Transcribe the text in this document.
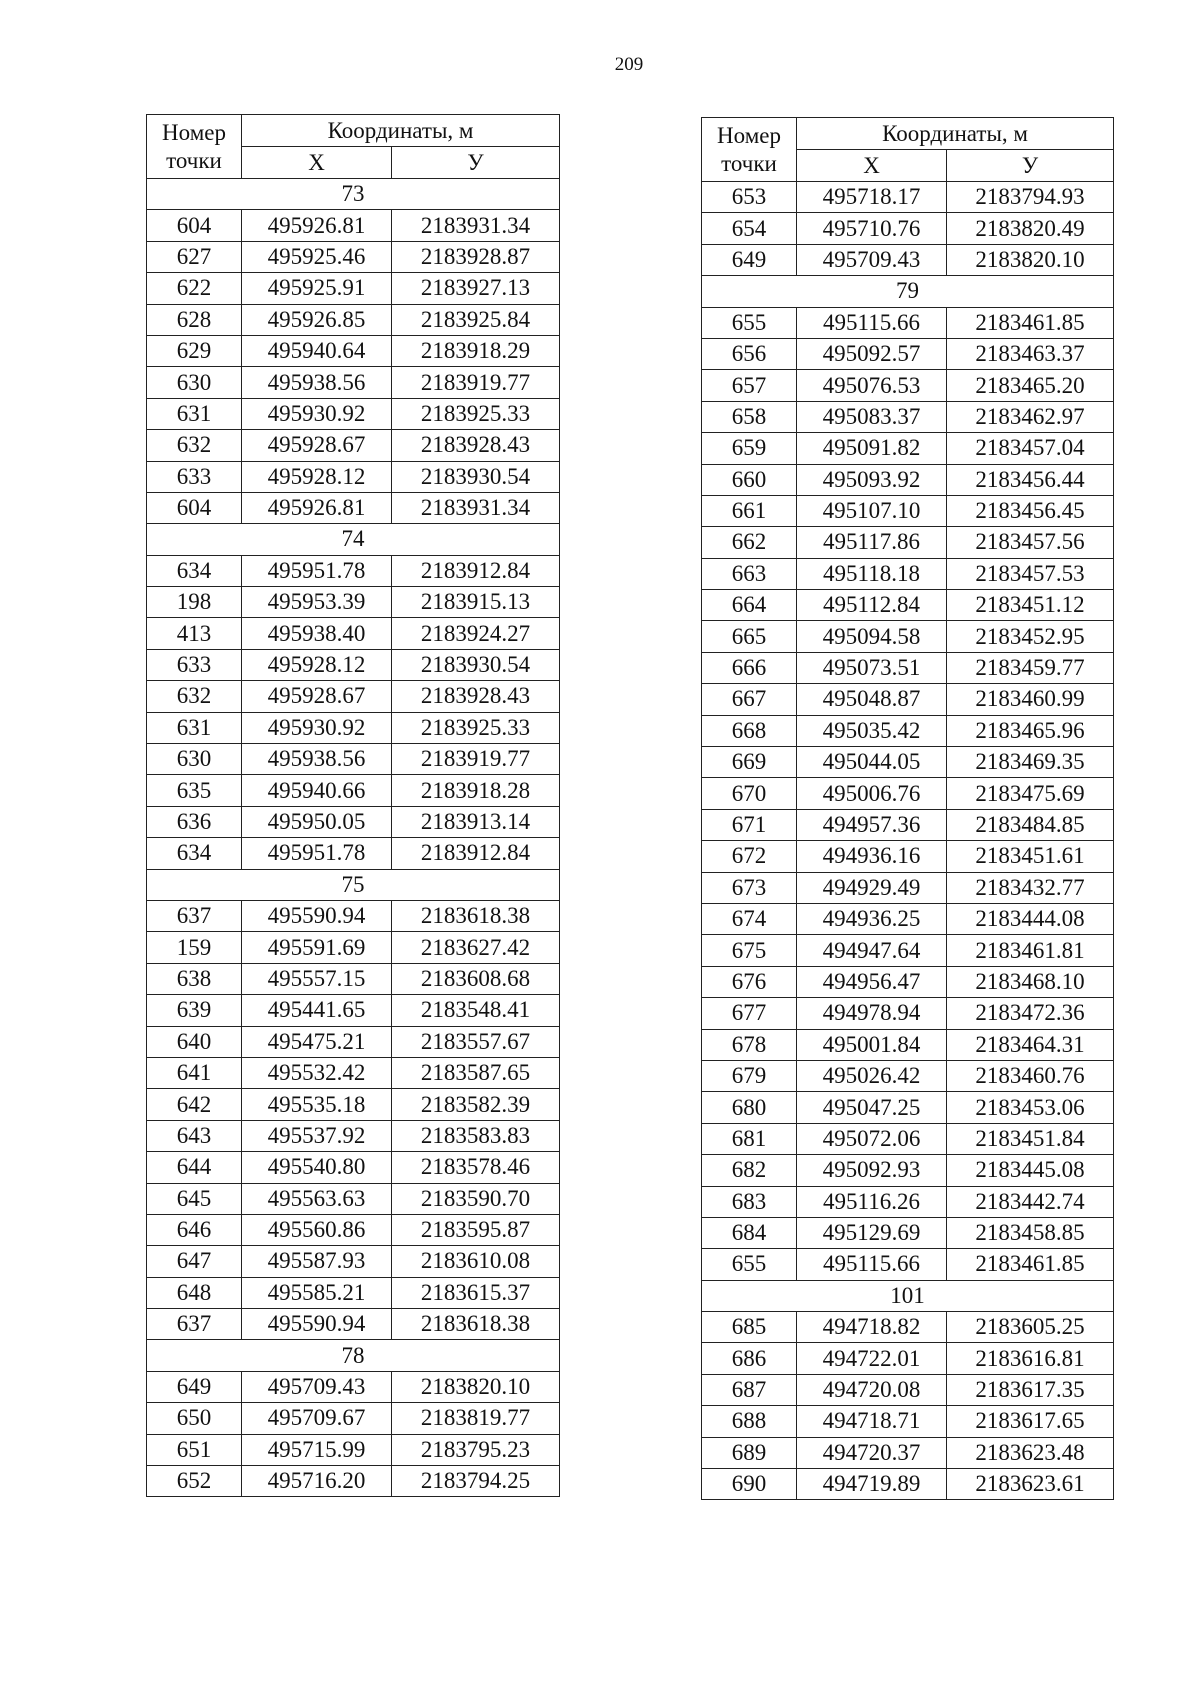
209
Номер
точки	Координаты, м	
	X	У
73		
604	495926.81	2183931.34
627	495925.46	2183928.87
622	495925.91	2183927.13
628	495926.85	2183925.84
629	495940.64	2183918.29
630	495938.56	2183919.77
631	495930.92	2183925.33
632	495928.67	2183928.43
633	495928.12	2183930.54
604	495926.81	2183931.34
74		
634	495951.78	2183912.84
198	495953.39	2183915.13
413	495938.40	2183924.27
633	495928.12	2183930.54
632	495928.67	2183928.43
631	495930.92	2183925.33
630	495938.56	2183919.77
635	495940.66	2183918.28
636	495950.05	2183913.14
634	495951.78	2183912.84
75		
637	495590.94	2183618.38
159	495591.69	2183627.42
638	495557.15	2183608.68
639	495441.65	2183548.41
640	495475.21	2183557.67
641	495532.42	2183587.65
642	495535.18	2183582.39
643	495537.92	2183583.83
644	495540.80	2183578.46
645	495563.63	2183590.70
646	495560.86	2183595.87
647	495587.93	2183610.08
648	495585.21	2183615.37
637	495590.94	2183618.38
78		
649	495709.43	2183820.10
650	495709.67	2183819.77
651	495715.99	2183795.23
652	495716.20	2183794.25
Номер
точки	Координаты, м	
	X	У
653	495718.17	2183794.93
654	495710.76	2183820.49
649	495709.43	2183820.10
79		
655	495115.66	2183461.85
656	495092.57	2183463.37
657	495076.53	2183465.20
658	495083.37	2183462.97
659	495091.82	2183457.04
660	495093.92	2183456.44
661	495107.10	2183456.45
662	495117.86	2183457.56
663	495118.18	2183457.53
664	495112.84	2183451.12
665	495094.58	2183452.95
666	495073.51	2183459.77
667	495048.87	2183460.99
668	495035.42	2183465.96
669	495044.05	2183469.35
670	495006.76	2183475.69
671	494957.36	2183484.85
672	494936.16	2183451.61
673	494929.49	2183432.77
674	494936.25	2183444.08
675	494947.64	2183461.81
676	494956.47	2183468.10
677	494978.94	2183472.36
678	495001.84	2183464.31
679	495026.42	2183460.76
680	495047.25	2183453.06
681	495072.06	2183451.84
682	495092.93	2183445.08
683	495116.26	2183442.74
684	495129.69	2183458.85
655	495115.66	2183461.85
101		
685	494718.82	2183605.25
686	494722.01	2183616.81
687	494720.08	2183617.35
688	494718.71	2183617.65
689	494720.37	2183623.48
690	494719.89	2183623.61
